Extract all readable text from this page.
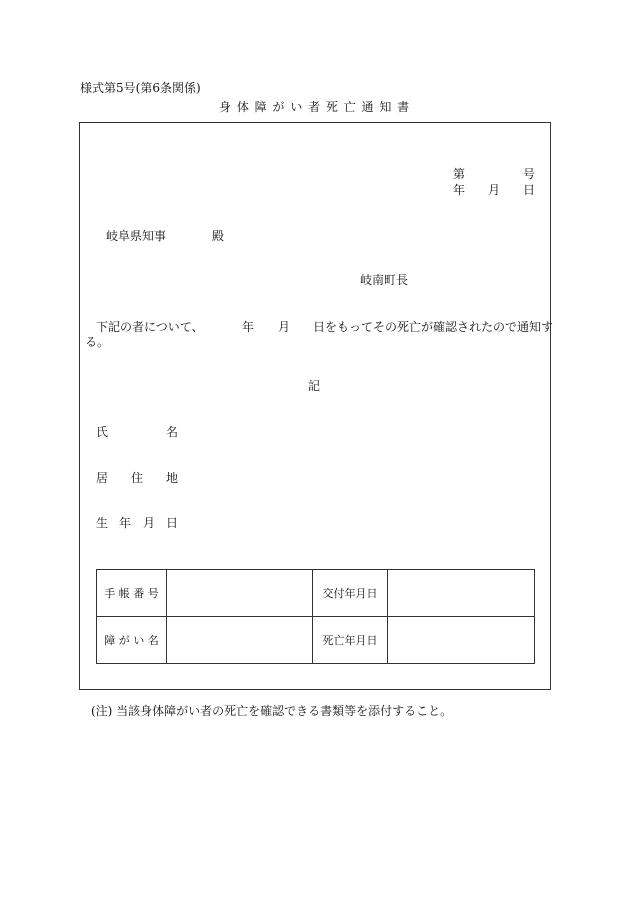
様式第5号(第6条関係)
身 体 障 が い 者 死 亡 通 知 書
第	号
年 月 日
岐阜県知事	殿
岐南町長
下記の者について、	年 月 日をもってその死亡が確認されたので通知す
る。
記
氏	名
居 住 地
生 年 月 日
手 帳 番 号		交付年月日	
障 が い 名		死亡年月日	
(注) 当該身体障がい者の死亡を確認できる書類等を添付すること。
